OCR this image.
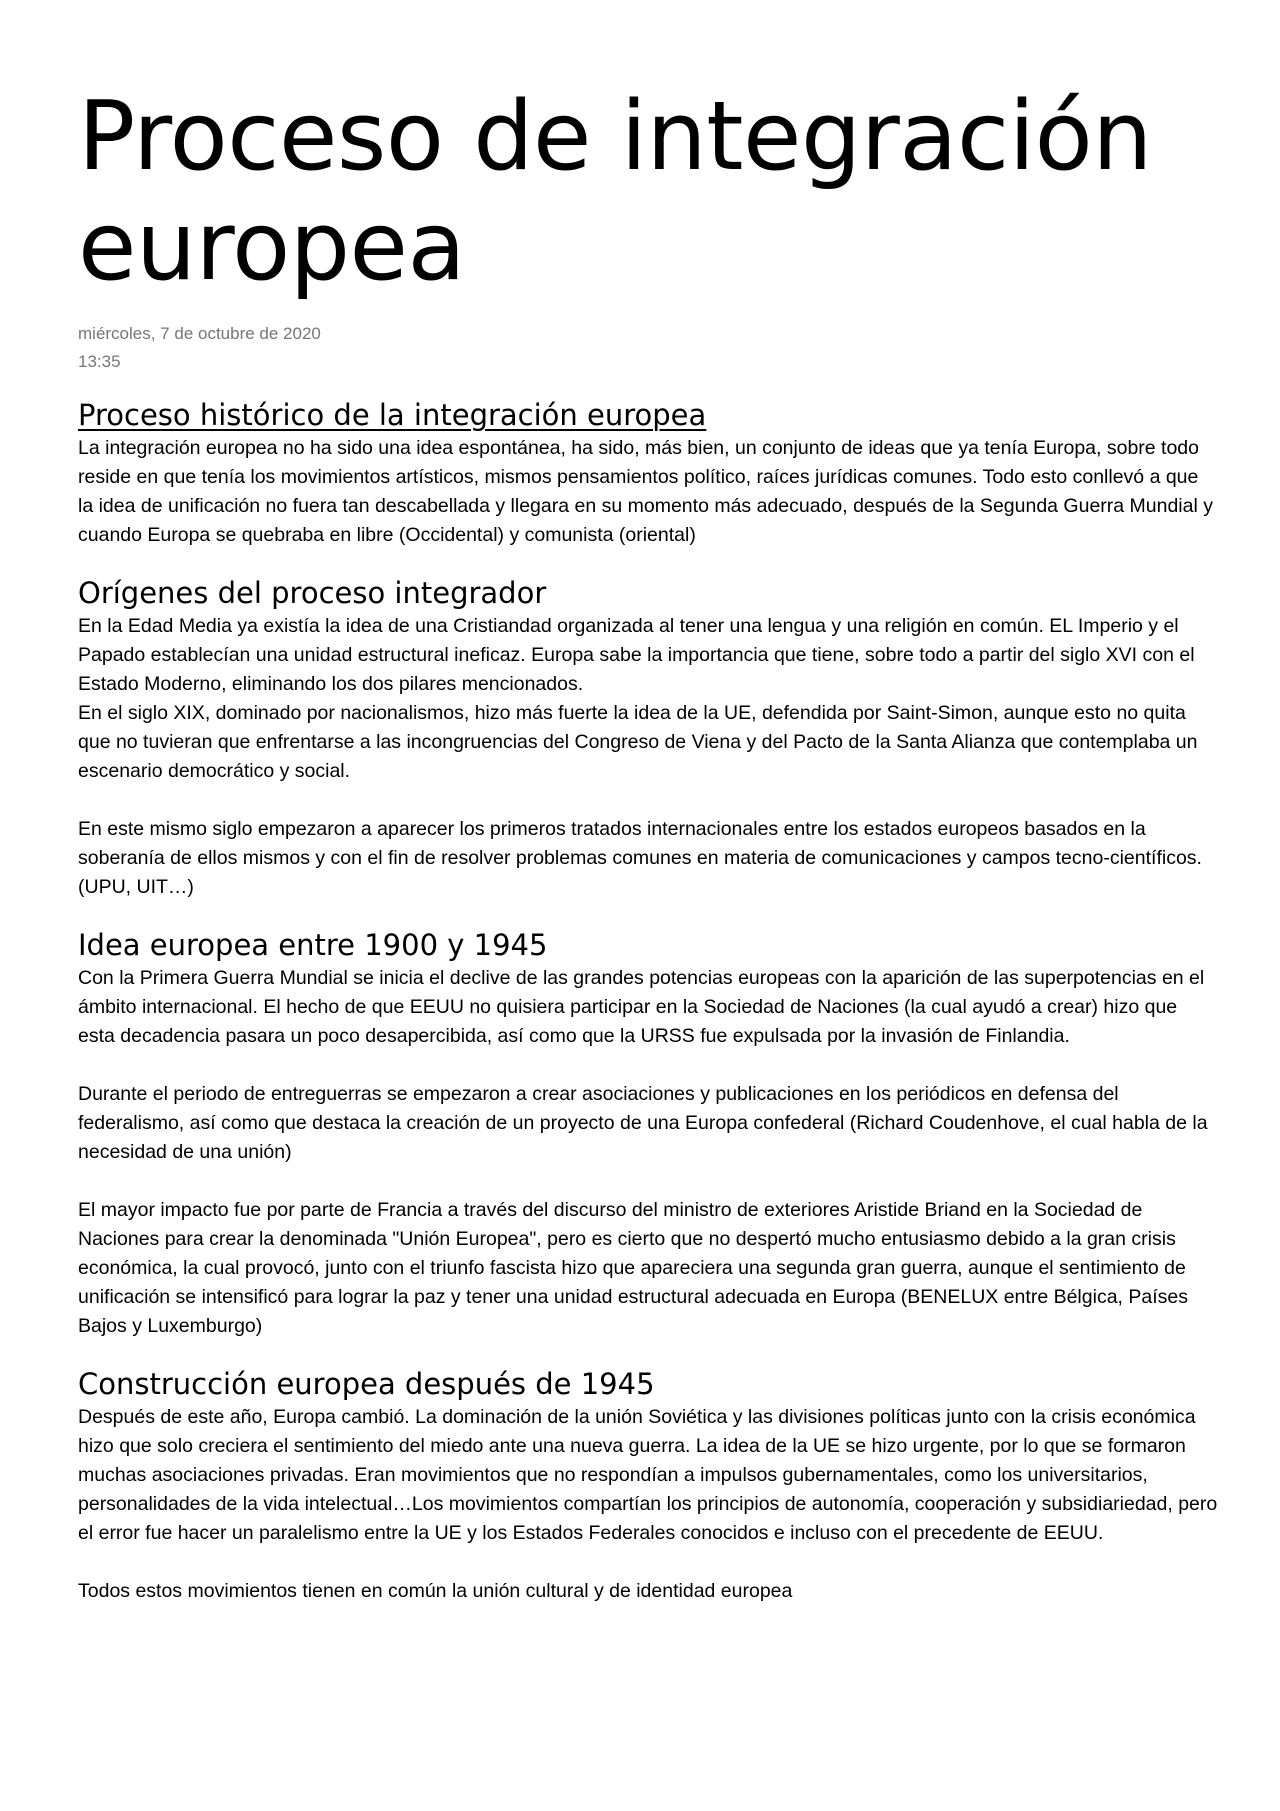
Proceso de integración europea
miércoles, 7 de octubre de 2020
13:35
Proceso histórico de la integración europea

La integración europea no ha sido una idea espontánea, ha sido, más bien, un conjunto de ideas que ya tenía Europa, sobre todo reside en que tenía los movimientos artísticos, mismos pensamientos político, raíces jurídicas comunes. Todo esto conllevó a que la idea de unificación no fuera tan descabellada y llegara en su momento más adecuado, después de la Segunda Guerra Mundial y cuando Europa se quebraba en libre (Occidental) y comunista (oriental)

Orígenes del proceso integrador

En la Edad Media ya existía la idea de una Cristiandad organizada al tener una lengua y una religión en común. EL Imperio y el Papado establecían una unidad estructural ineficaz. Europa sabe la importancia que tiene, sobre todo a partir del siglo XVI con el Estado Moderno, eliminando los dos pilares mencionados.

En el siglo XIX, dominado por nacionalismos, hizo más fuerte la idea de la UE, defendida por Saint-Simon, aunque esto no quita que no tuvieran que enfrentarse a las incongruencias del Congreso de Viena y del Pacto de la Santa Alianza que contemplaba un escenario democrático y social.

En este mismo siglo empezaron a aparecer los primeros tratados internacionales entre los estados europeos basados en la soberanía de ellos mismos y con el fin de resolver problemas comunes en materia de comunicaciones y campos tecno-científicos. (UPU, UIT…)

Idea europea entre 1900 y 1945

Con la Primera Guerra Mundial se inicia el declive de las grandes potencias europeas con la aparición de las superpotencias en el ámbito internacional. El hecho de que EEUU no quisiera participar en la Sociedad de Naciones (la cual ayudó a crear) hizo que esta decadencia pasara un poco desapercibida, así como que la URSS fue expulsada por la invasión de Finlandia.

Durante el periodo de entreguerras se empezaron a crear asociaciones y publicaciones en los periódicos en defensa del federalismo, así como que destaca la creación de un proyecto de una Europa confederal (Richard Coudenhove, el cual habla de la necesidad de una unión)

El mayor impacto fue por parte de Francia a través del discurso del ministro de exteriores Aristide Briand en la Sociedad de Naciones para crear la denominada "Unión Europea", pero es cierto que no despertó mucho entusiasmo debido a la gran crisis económica, la cual provocó, junto con el triunfo fascista hizo que apareciera una segunda gran guerra, aunque el sentimiento de unificación se intensificó para lograr la paz y tener una unidad estructural adecuada en Europa (BENELUX entre Bélgica, Países Bajos y Luxemburgo)

Construcción europea después de 1945

Después de este año, Europa cambió. La dominación de la unión Soviética y las divisiones políticas junto con la crisis económica hizo que solo creciera el sentimiento del miedo ante una nueva guerra. La idea de la UE se hizo urgente, por lo que se formaron muchas asociaciones privadas. Eran movimientos que no respondían a impulsos gubernamentales, como los universitarios, personalidades de la vida intelectual…Los movimientos compartían los principios de autonomía, cooperación y subsidiariedad, pero el error fue hacer un paralelismo entre la UE y los Estados Federales conocidos e incluso con el precedente de EEUU.

Todos estos movimientos tienen en común la unión cultural y de identidad europea
